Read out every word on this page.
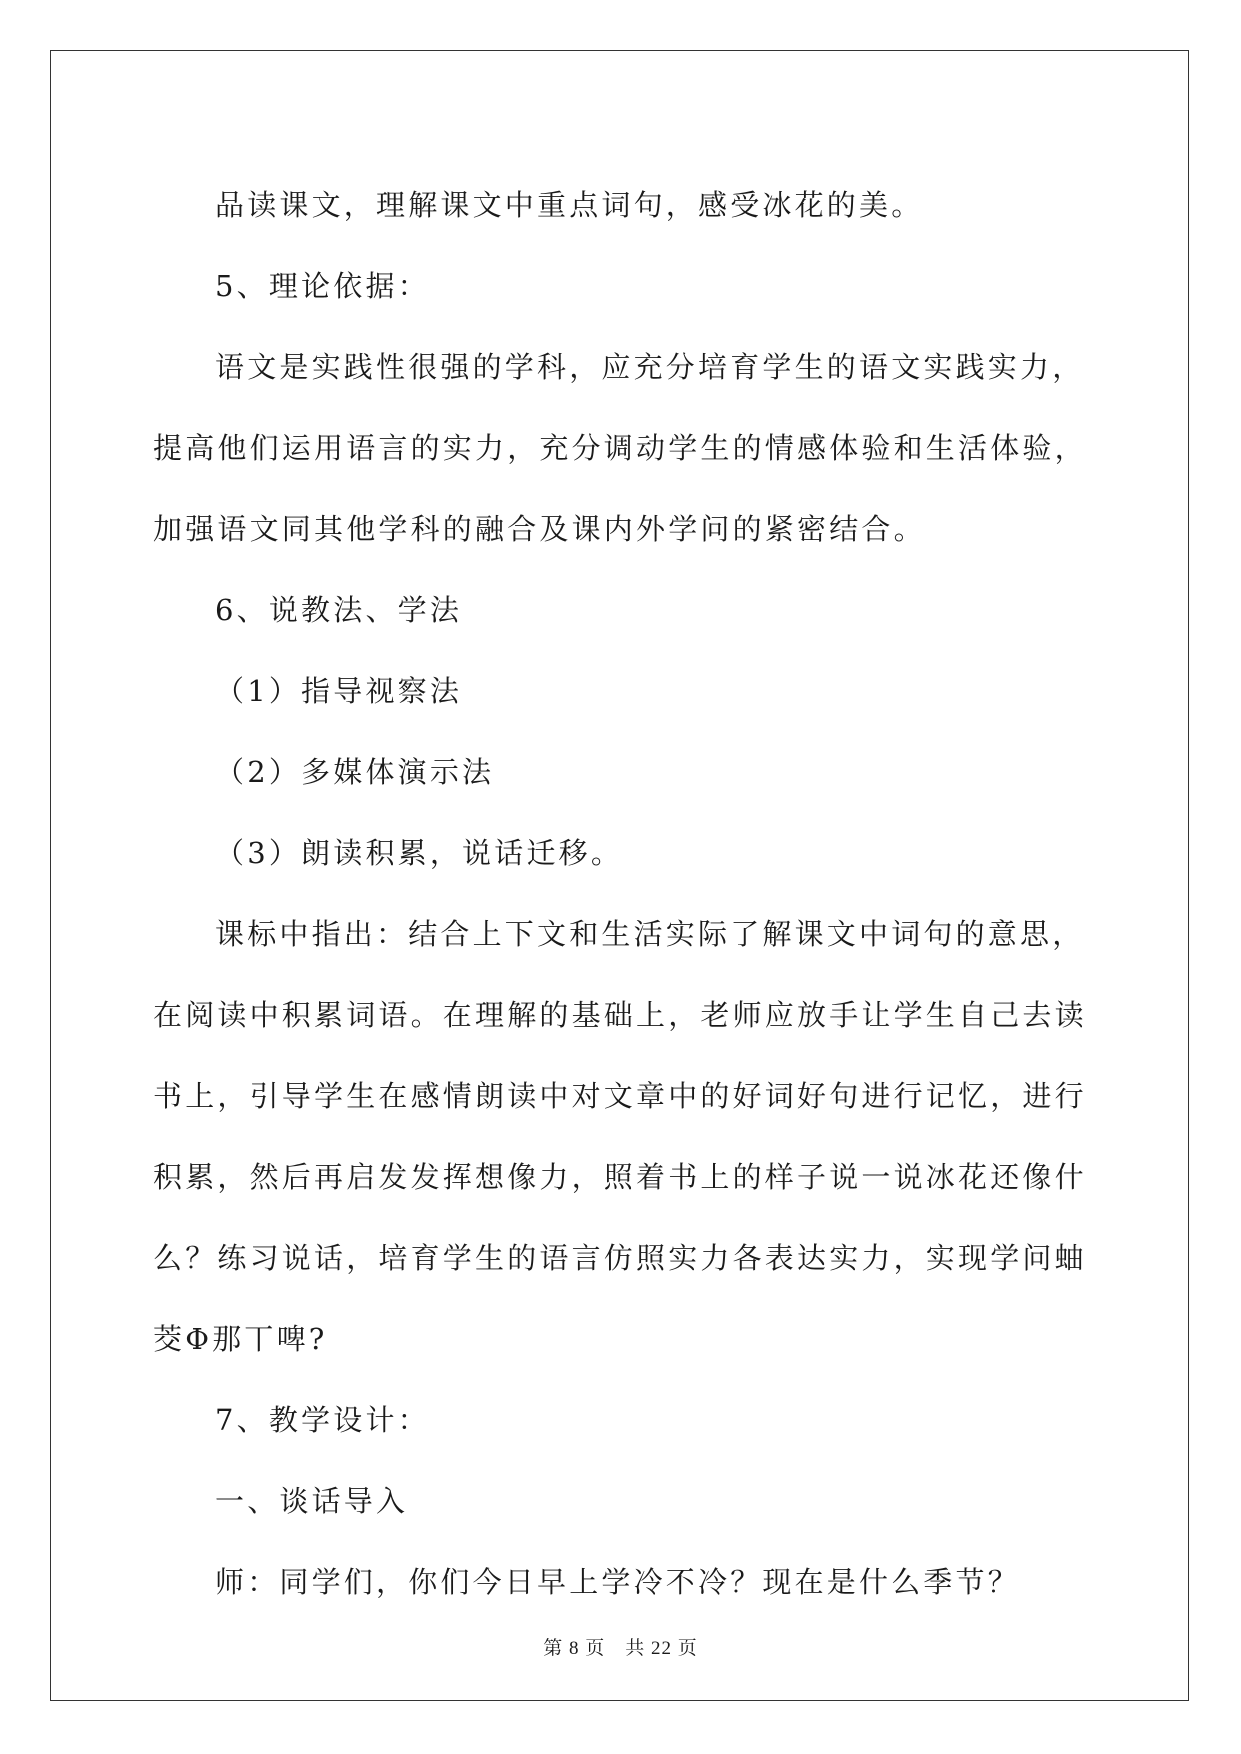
品读课文，理解课文中重点词句，感受冰花的美。

5、理论依据：

语文是实践性很强的学科，应充分培育学生的语文实践实力，提高他们运用语言的实力，充分调动学生的情感体验和生活体验，加强语文同其他学科的融合及课内外学问的紧密结合。

6、说教法、学法

（1）指导视察法

（2）多媒体演示法

（3）朗读积累，说话迁移。

课标中指出：结合上下文和生活实际了解课文中词句的意思，在阅读中积累词语。在理解的基础上，老师应放手让学生自己去读书上，引导学生在感情朗读中对文章中的好词好句进行记忆，进行积累，然后再启发发挥想像力，照着书上的样子说一说冰花还像什么？练习说话，培育学生的语言仿照实力各表达实力，实现学问蚰茭Φ那丅啤?

7、教学设计：

一、谈话导入

师：同学们，你们今日早上学冷不冷？现在是什么季节？

第 8 页　共 22 页
